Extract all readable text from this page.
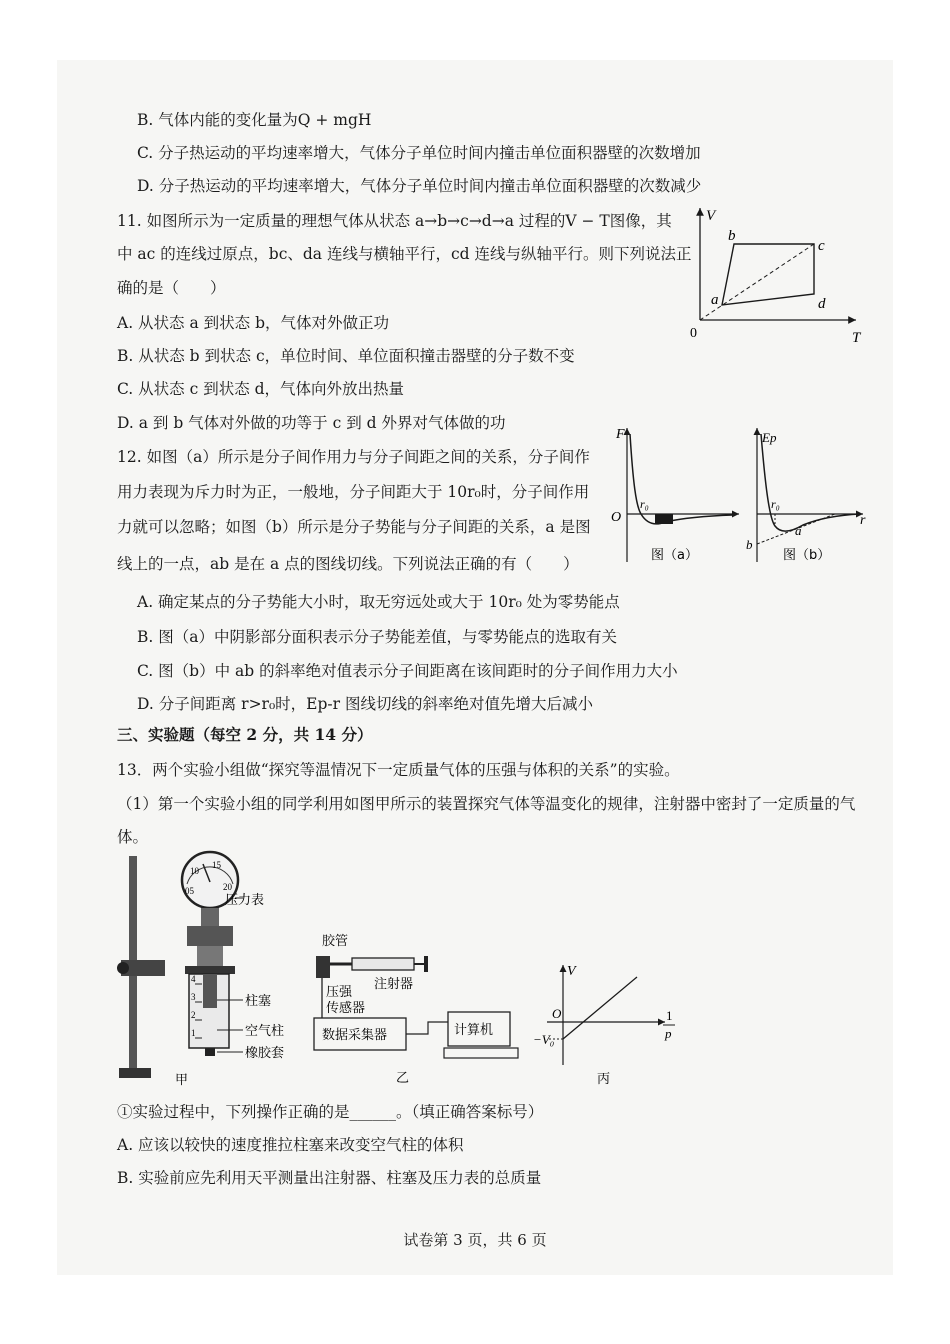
B. 气体内能的变化量为Q + mgH
C. 分子热运动的平均速率增大，气体分子单位时间内撞击单位面积器壁的次数增加
D. 分子热运动的平均速率增大，气体分子单位时间内撞击单位面积器壁的次数减少
11. 如图所示为一定质量的理想气体从状态 a→b→c→d→a 过程的V − T图像，其
中 ac 的连线过原点，bc、da 连线与横轴平行，cd 连线与纵轴平行。则下列说法正
确的是（　　）
A. 从状态 a 到状态 b，气体对外做正功
B. 从状态 b 到状态 c，单位时间、单位面积撞击器壁的分子数不变
C. 从状态 c 到状态 d，气体向外放出热量
D. a 到 b 气体对外做的功等于 c 到 d 外界对气体做的功
V
T
0
a
b
c
d
12. 如图（a）所示是分子间作用力与分子间距之间的关系，分子间作
用力表现为斥力时为正，一般地，分子间距大于 10r₀时，分子间作用
力就可以忽略；如图（b）所示是分子势能与分子间距的关系，a 是图
线上的一点，ab 是在 a 点的图线切线。下列说法正确的有（　　）
A. 确定某点的分子势能大小时，取无穷远处或大于 10r₀ 处为零势能点
B. 图（a）中阴影部分面积表示分子势能差值，与零势能点的选取有关
C. 图（b）中 ab 的斜率绝对值表示分子间距离在该间距时的分子间作用力大小
D. 分子间距离 r>r₀时，Ep-r 图线切线的斜率绝对值先增大后减小
F
O
r₀
图（a）
Ep
r
r₀
a
b
图（b）
三、实验题（每空 2 分，共 14 分）
13．两个实验小组做“探究等温情况下一定质量气体的压强与体积的关系”的实验。
（1）第一个实验小组的同学利用如图甲所示的装置探究气体等温变化的规律，注射器中密封了一定质量的气
体。
05
10
15
20
4
3
2
1
压力表
柱塞
空气柱
橡胶套
甲
胶管
注射器
压强
传感器
数据采集器	计算机
乙
V
O
−V₀
1
p
丙
①实验过程中，下列操作正确的是______。（填正确答案标号）
A. 应该以较快的速度推拉柱塞来改变空气柱的体积
B. 实验前应先利用天平测量出注射器、柱塞及压力表的总质量
试卷第 3 页，共 6 页
